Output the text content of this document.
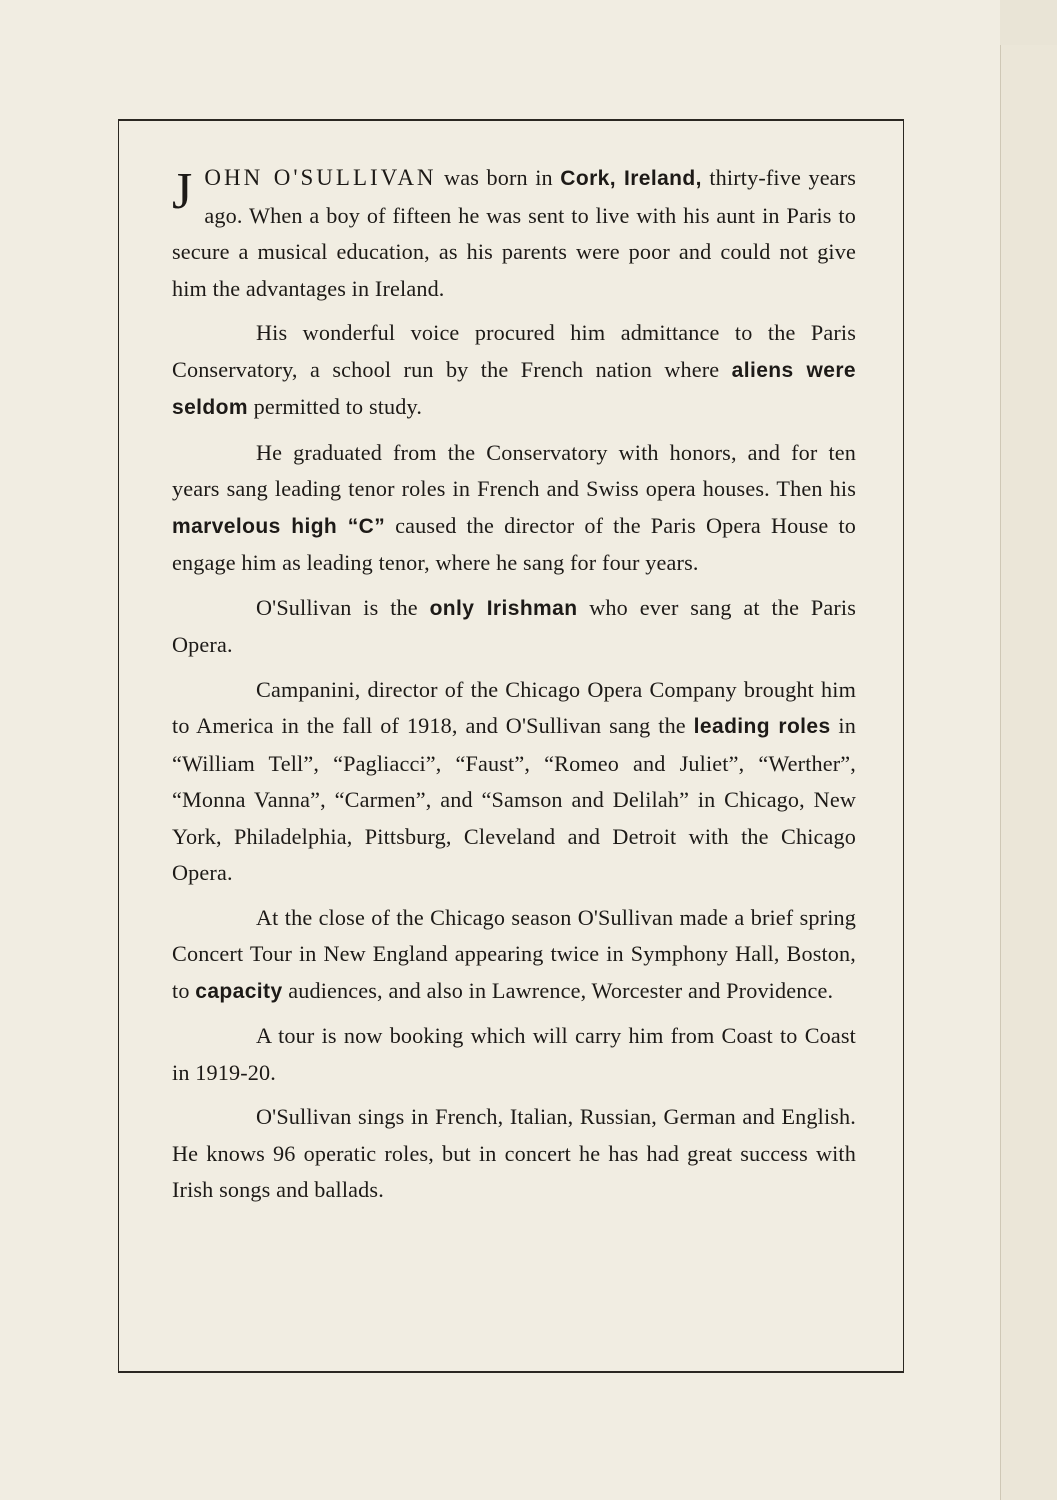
JOHN O'SULLIVAN was born in Cork, Ireland, thirty-five years ago. When a boy of fifteen he was sent to live with his aunt in Paris to secure a musical education, as his parents were poor and could not give him the advantages in Ireland.

His wonderful voice procured him admittance to the Paris Conservatory, a school run by the French nation where aliens were seldom permitted to study.

He graduated from the Conservatory with honors, and for ten years sang leading tenor roles in French and Swiss opera houses. Then his marvelous high “C” caused the director of the Paris Opera House to engage him as leading tenor, where he sang for four years.

O'Sullivan is the only Irishman who ever sang at the Paris Opera.

Campanini, director of the Chicago Opera Company brought him to America in the fall of 1918, and O'Sullivan sang the leading roles in “William Tell”, “Pagliacci”, “Faust”, “Romeo and Juliet”, “Werther”, “Monna Vanna”, “Carmen”, and “Samson and Delilah” in Chicago, New York, Philadelphia, Pittsburg, Cleveland and Detroit with the Chicago Opera.

At the close of the Chicago season O'Sullivan made a brief spring Concert Tour in New England appearing twice in Symphony Hall, Boston, to capacity audiences, and also in Lawrence, Worcester and Providence.

A tour is now booking which will carry him from Coast to Coast in 1919-20.

O'Sullivan sings in French, Italian, Russian, German and English. He knows 96 operatic roles, but in concert he has had great success with Irish songs and ballads.
